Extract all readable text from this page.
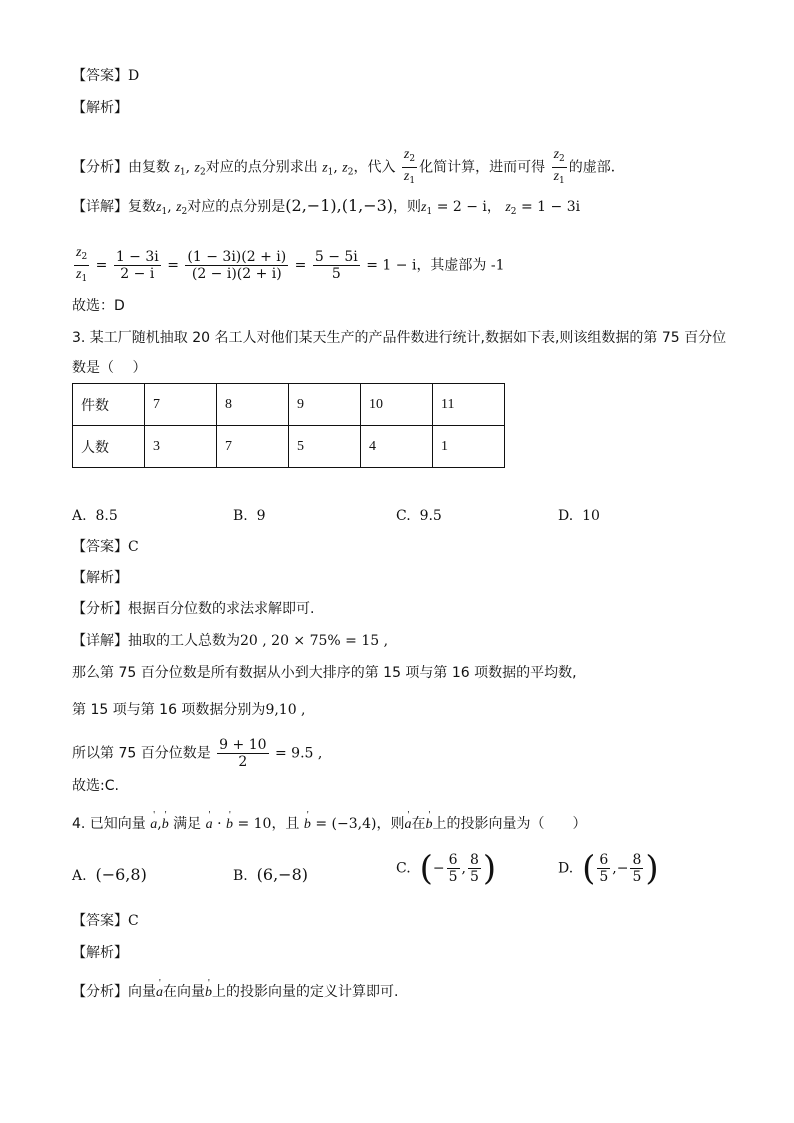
【答案】D
【解析】
【分析】由复数 $z_1$, $z_2$对应的点分别求出 $z_1$, $z_2$，代入 $\frac{z_2}{z_1}$ 化简计算，进而可得 $\frac{z_2}{z_1}$ 的虚部．
【详解】复数$z_1$, $z_2$对应的点分别是(2,−1),(1,−3)，则$z_1 = 2 - i$， $z_2 = 1 - 3i$
$\frac{z_2}{z_1} = \frac{1 - 3i}{2 - i} = \frac{(1 - 3i)(2 + i)}{(2 - i)(2 + i)} = \frac{5 - 5i}{5} = 1 - i$，其虚部为 -1
故选：D
3. 某工厂随机抽取 20 名工人对他们某天生产的产品件数进行统计,数据如下表,则该组数据的第 75 百分位
数是（　 ）
件数	7	8	9	10	11
人数	3	7	5	4	1
A. 8.5	B. 9	C. 9.5	D. 10
【答案】C
【解析】
【分析】根据百分位数的求法求解即可.
【详解】抽取的工人总数为20 , 20 × 75% = 15 ,
那么第 75 百分位数是所有数据从小到大排序的第 15 项与第 16 项数据的平均数,
第 15 项与第 16 项数据分别为9,10 ,
所以第 75 百分位数是 $\frac{9 + 10}{2} = 9.5$ ,
故选:C.
4. 已知向量 ' a,' b 满足 ' a · ' b = 10，且 ' b = (−3,4)，则' a在' b上的投影向量为（　　）
A. (−6,8)	B. (6,−8)	C. (− $\frac{6}{5}$ , $\frac{8}{5}$ )	D. ( $\frac{6}{5}$ ,− $\frac{8}{5}$ )
【答案】C
【解析】
【分析】向量' a在向量' b上的投影向量的定义计算即可.
